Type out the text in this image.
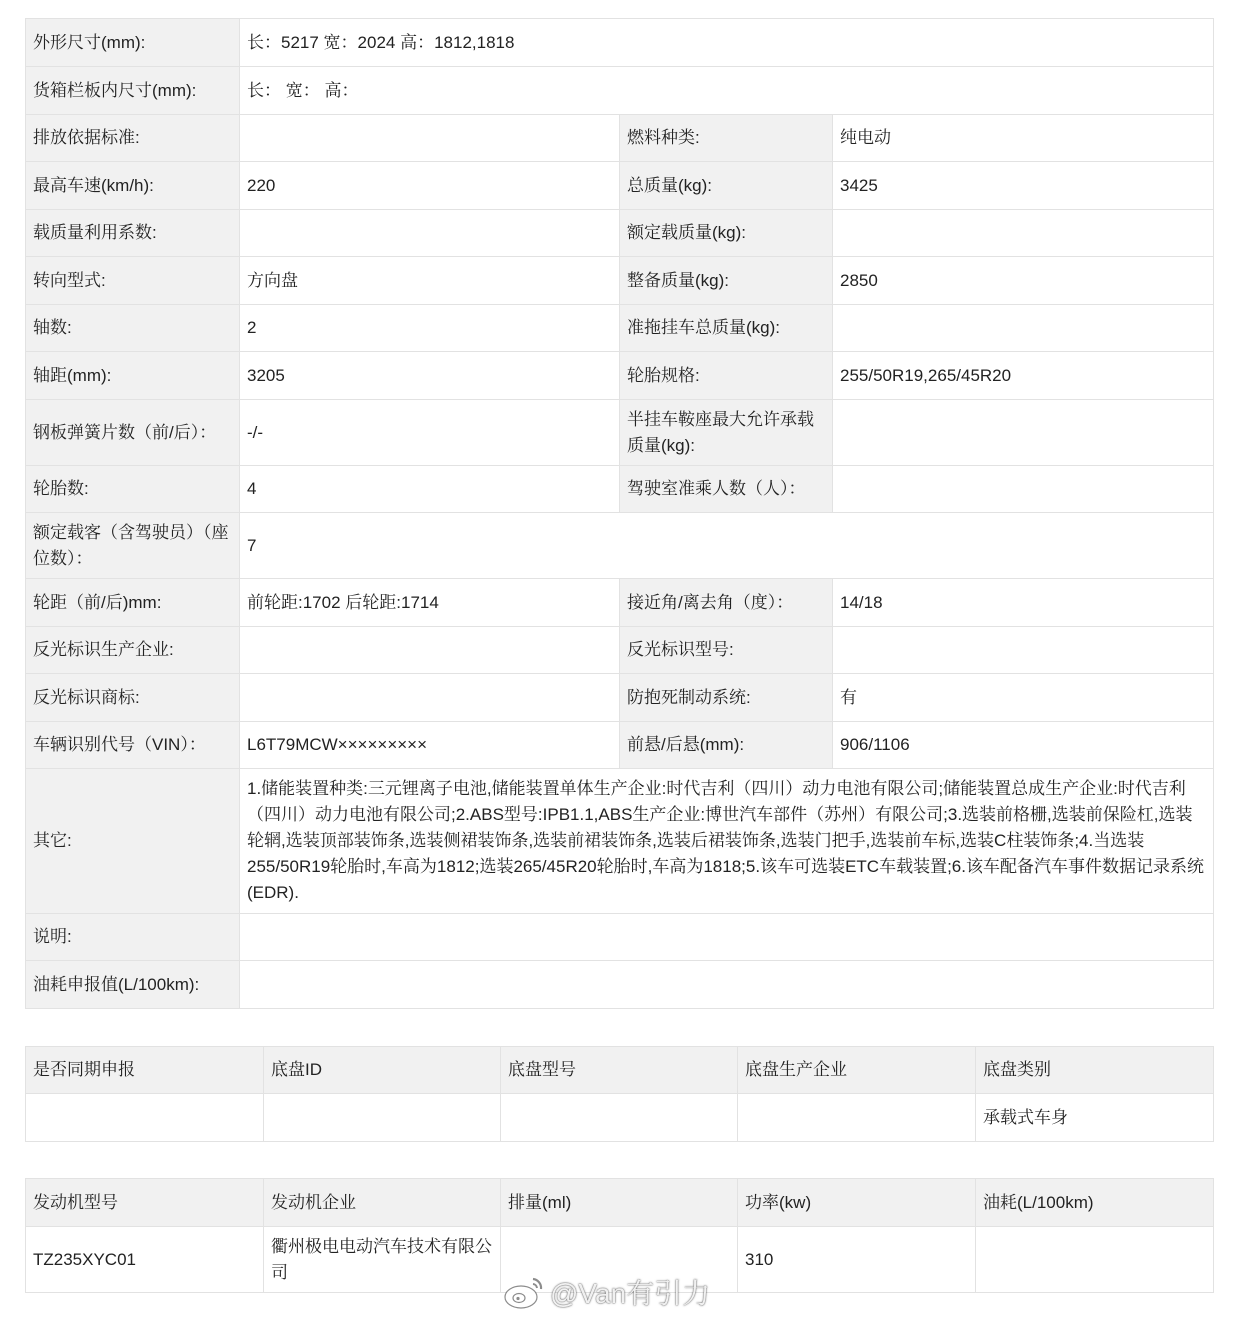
外形尺寸(mm):	长：5217 宽：2024 高：1812,1818		
货箱栏板内尺寸(mm):	长： 宽： 高：		
排放依据标准:		燃料种类:	纯电动
最高车速(km/h):	220	总质量(kg):	3425
载质量利用系数:		额定载质量(kg):	
转向型式:	方向盘	整备质量(kg):	2850
轴数:	2	准拖挂车总质量(kg):	
轴距(mm):	3205	轮胎规格:	255/50R19,265/45R20
钢板弹簧片数（前/后）：	-/-	半挂车鞍座最大允许承载质量(kg):	
轮胎数:	4	驾驶室准乘人数（人）：	
额定载客（含驾驶员）（座位数）：	7		
轮距（前/后)mm:	前轮距:1702 后轮距:1714	接近角/离去角（度）：	14/18
反光标识生产企业:		反光标识型号:	
反光标识商标:		防抱死制动系统:	有
车辆识别代号（VIN）：	L6T79MCW×××××××××	前悬/后悬(mm):	906/1106
其它:	1.储能装置种类:三元锂离子电池,储能装置单体生产企业:时代吉利（四川）动力电池有限公司;储能装置总成生产企业:时代吉利（四川）动力电池有限公司;2.ABS型号:IPB1.1,ABS生产企业:博世汽车部件（苏州）有限公司;3.选装前格栅,选装前保险杠,选装轮辋,选装顶部装饰条,选装侧裙装饰条,选装前裙装饰条,选装后裙装饰条,选装门把手,选装前车标,选装C柱装饰条;4.当选装255/50R19轮胎时,车高为1812;选装265/45R20轮胎时,车高为1818;5.该车可选装ETC车载装置;6.该车配备汽车事件数据记录系统(EDR).		
说明:			
油耗申报值(L/100km):			
是否同期申报	底盘ID	底盘型号	底盘生产企业	底盘类别
				承载式车身
发动机型号	发动机企业	排量(ml)	功率(kw)	油耗(L/100km)
TZ235XYC01	衢州极电电动汽车技术有限公司		310	
@Van有引力
